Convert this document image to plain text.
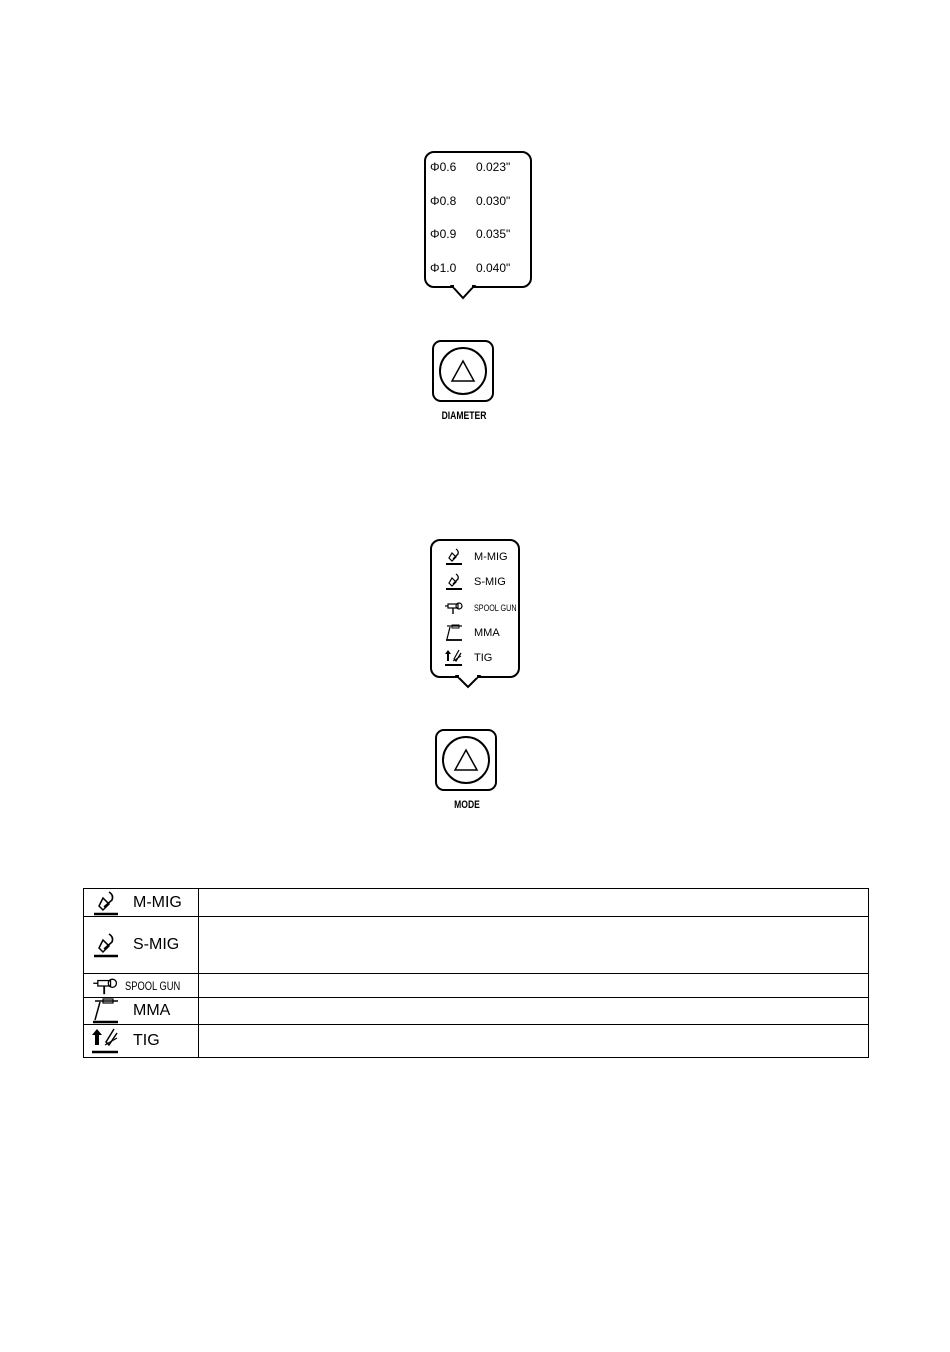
Φ0.6 0.023"
Φ0.8 0.030"
Φ0.9 0.035"
Φ1.0 0.040"
DIAMETER
M-MIG
S-MIG
SPOOL GUN
MMA
TIG
MODE
M-MIG	

S-MIG	

SPOOL GUN	

MMA	

TIG	
